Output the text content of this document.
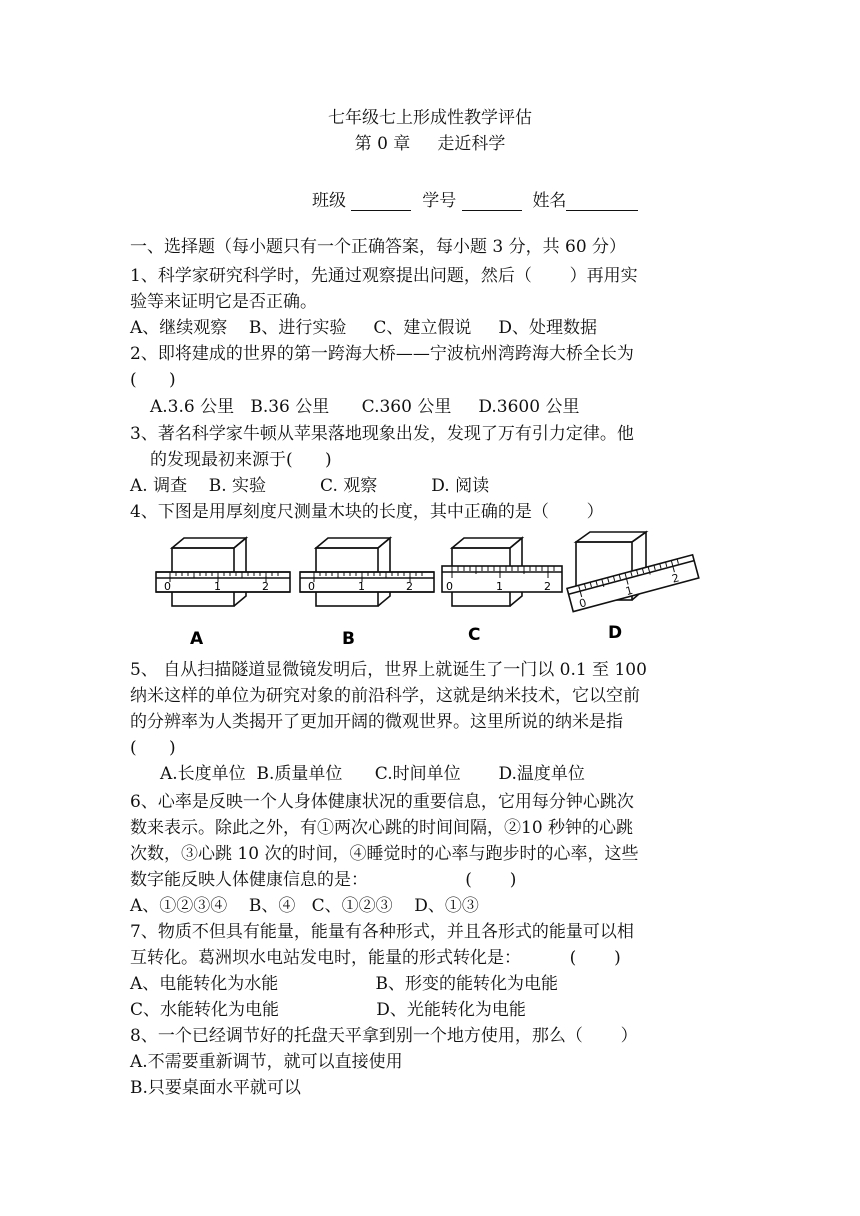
七年级七上形成性教学评估
第 0 章     走近科学
班级	学号	姓名
一、选择题（每小题只有一个正确答案，每小题 3 分，共 60 分）
1、科学家研究科学时，先通过观察提出问题，然后（       ）再用实
验等来证明它是否正确。
A、继续观察    B、进行实验     C、建立假说     D、处理数据
2、即将建成的世界的第一跨海大桥——宁波杭州湾跨海大桥全长为
(      )
A.3.6 公里   B.36 公里      C.360 公里     D.3600 公里
3、著名科学家牛顿从苹果落地现象出发，发现了万有引力定律。他
的发现最初来源于(      )
A. 调查    B. 实验          C. 观察          D. 阅读
4、下图是用厚刻度尺测量木块的长度，其中正确的是（       ）
0	1	2
A
0	1	2
B
0	1	2
C
0
1
2
D
5、 自从扫描隧道显微镜发明后，世界上就诞生了一门以 0.1 至 100
纳米这样的单位为研究对象的前沿科学，这就是纳米技术，它以空前
的分辨率为人类揭开了更加开阔的微观世界。这里所说的纳米是指
(      )
A.长度单位  B.质量单位      C.时间单位       D.温度单位
6、心率是反映一个人身体健康状况的重要信息，它用每分钟心跳次
数来表示。除此之外，有①两次心跳的时间间隔，②10 秒钟的心跳
次数，③心跳 10 次的时间，④睡觉时的心率与跑步时的心率，这些
数字能反映人体健康信息的是：                  (       )
A、①②③④    B、④   C、①②③    D、①③
7、物质不但具有能量，能量有各种形式，并且各形式的能量可以相
互转化。葛洲坝水电站发电时，能量的形式转化是：         (       )
A、电能转化为水能                  B、形变的能转化为电能
C、水能转化为电能                  D、光能转化为电能
8、一个已经调节好的托盘天平拿到别一个地方使用，那么（       ）
A.不需要重新调节，就可以直接使用
B.只要桌面水平就可以
